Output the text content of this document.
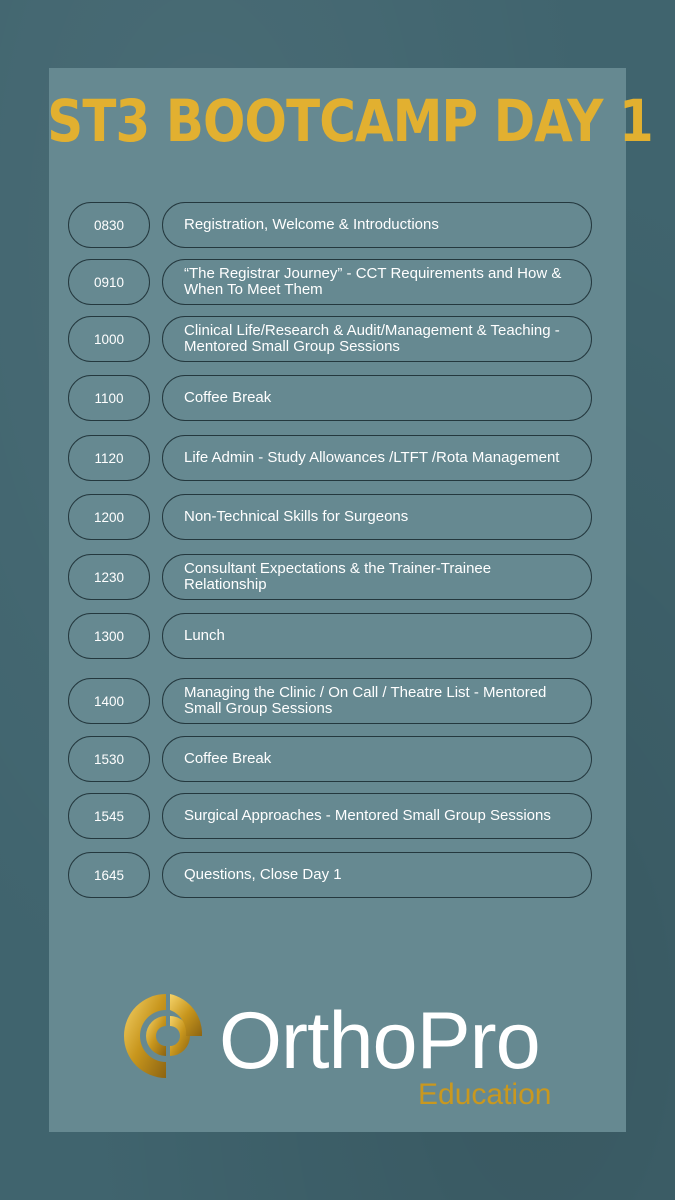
ST3 BOOTCAMP DAY 1
0830	Registration, Welcome & Introductions
0910	“The Registrar Journey” - CCT Requirements and How & When To Meet Them
1000	Clinical Life/Research & Audit/Management & Teaching - Mentored Small Group Sessions
1100	Coffee Break
1120	Life Admin - Study Allowances /LTFT /Rota Management
1200	Non-Technical Skills for Surgeons
1230	Consultant Expectations & the Trainer-Trainee Relationship
1300	Lunch
1400	Managing the Clinic / On Call / Theatre List - Mentored Small Group Sessions
1530	Coffee Break
1545	Surgical Approaches - Mentored Small Group Sessions
1645	Questions, Close Day 1
OrthoPro
Education
